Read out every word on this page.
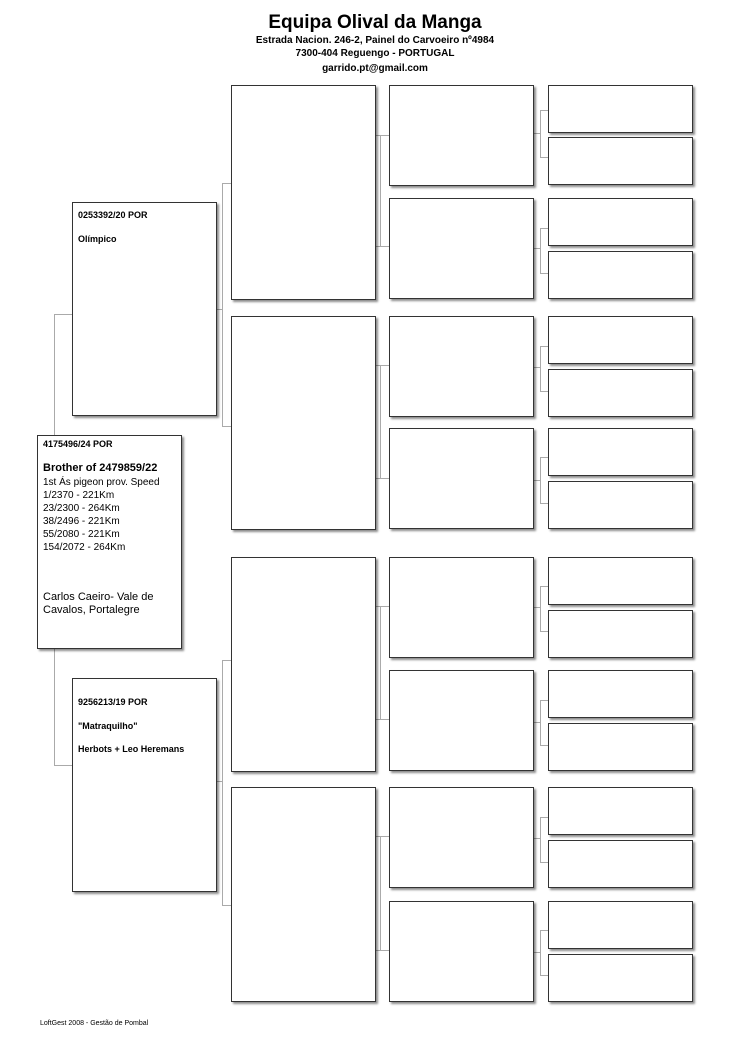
Equipa Olival da Manga
Estrada Nacion. 246-2, Painel do Carvoeiro nº4984
7300-404 Reguengo - PORTUGAL
garrido.pt@gmail.com
4175496/24 POR
Brother of 2479859/22
1st Ás pigeon prov. Speed
1/2370 - 221Km
23/2300 - 264Km
38/2496 - 221Km
55/2080 - 221Km
154/2072 - 264Km
Carlos Caeiro- Vale de Cavalos, Portalegre
0253392/20 POR
Olímpico
9256213/19 POR
"Matraquilho"
Herbots + Leo Heremans
LoftGest 2008 - Gestão de Pombal
